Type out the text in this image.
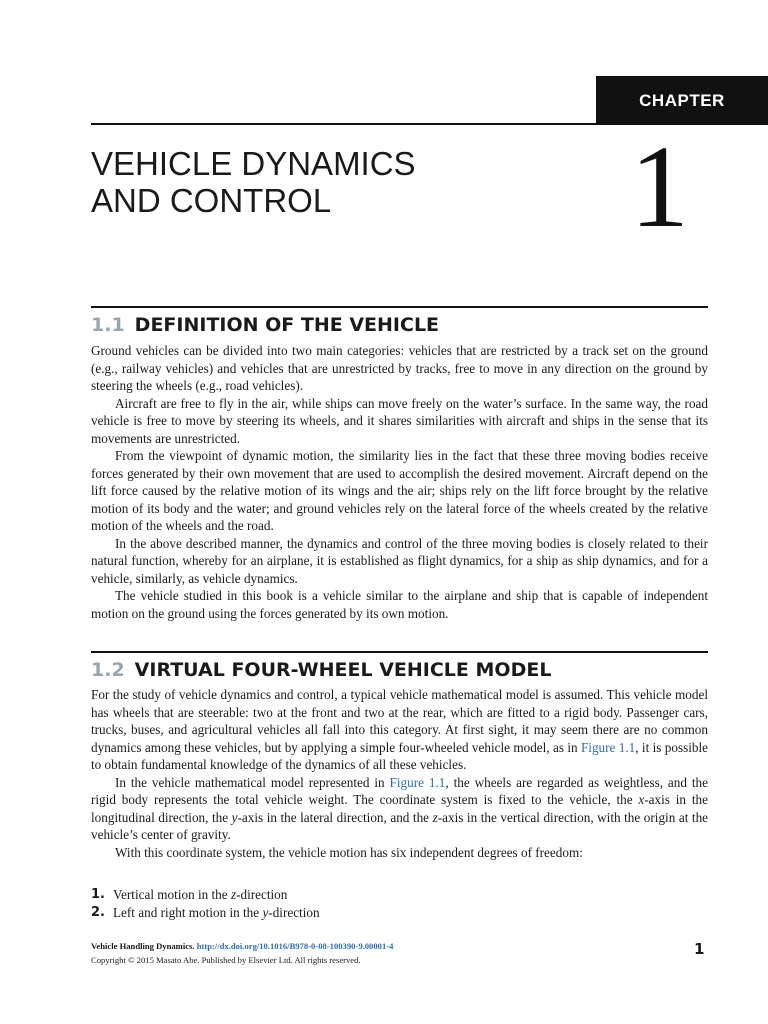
CHAPTER
VEHICLE DYNAMICS
AND CONTROL	1
1.1 DEFINITION OF THE VEHICLE

Ground vehicles can be divided into two main categories: vehicles that are restricted by a track set on the ground (e.g., railway vehicles) and vehicles that are unrestricted by tracks, free to move in any direction on the ground by steering the wheels (e.g., road vehicles).

Aircraft are free to fly in the air, while ships can move freely on the water’s surface. In the same way, the road vehicle is free to move by steering its wheels, and it shares similarities with aircraft and ships in the sense that its movements are unrestricted.

From the viewpoint of dynamic motion, the similarity lies in the fact that these three moving bodies receive forces generated by their own movement that are used to accomplish the desired movement. Aircraft depend on the lift force caused by the relative motion of its wings and the air; ships rely on the lift force brought by the relative motion of its body and the water; and ground vehicles rely on the lateral force of the wheels created by the relative motion of the wheels and the road.

In the above described manner, the dynamics and control of the three moving bodies is closely related to their natural function, whereby for an airplane, it is established as flight dynamics, for a ship as ship dynamics, and for a vehicle, similarly, as vehicle dynamics.

The vehicle studied in this book is a vehicle similar to the airplane and ship that is capable of independent motion on the ground using the forces generated by its own motion.

1.2 VIRTUAL FOUR-WHEEL VEHICLE MODEL

For the study of vehicle dynamics and control, a typical vehicle mathematical model is assumed. This vehicle model has wheels that are steerable: two at the front and two at the rear, which are fitted to a rigid body. Passenger cars, trucks, buses, and agricultural vehicles all fall into this category. At first sight, it may seem there are no common dynamics among these vehicles, but by applying a simple four-wheeled vehicle model, as in Figure 1.1, it is possible to obtain fundamental knowledge of the dynamics of all these vehicles.

In the vehicle mathematical model represented in Figure 1.1, the wheels are regarded as weightless, and the rigid body represents the total vehicle weight. The coordinate system is fixed to the vehicle, the x-axis in the longitudinal direction, the y-axis in the lateral direction, and the z-axis in the vertical direction, with the origin at the vehicle’s center of gravity.

With this coordinate system, the vehicle motion has six independent degrees of freedom:

1. Vertical motion in the z-direction
2. Left and right motion in the y-direction
Vehicle Handling Dynamics. http://dx.doi.org/10.1016/B978-0-08-100390-9.00001-4
Copyright © 2015 Masato Abe. Published by Elsevier Ltd. All rights reserved.
1
